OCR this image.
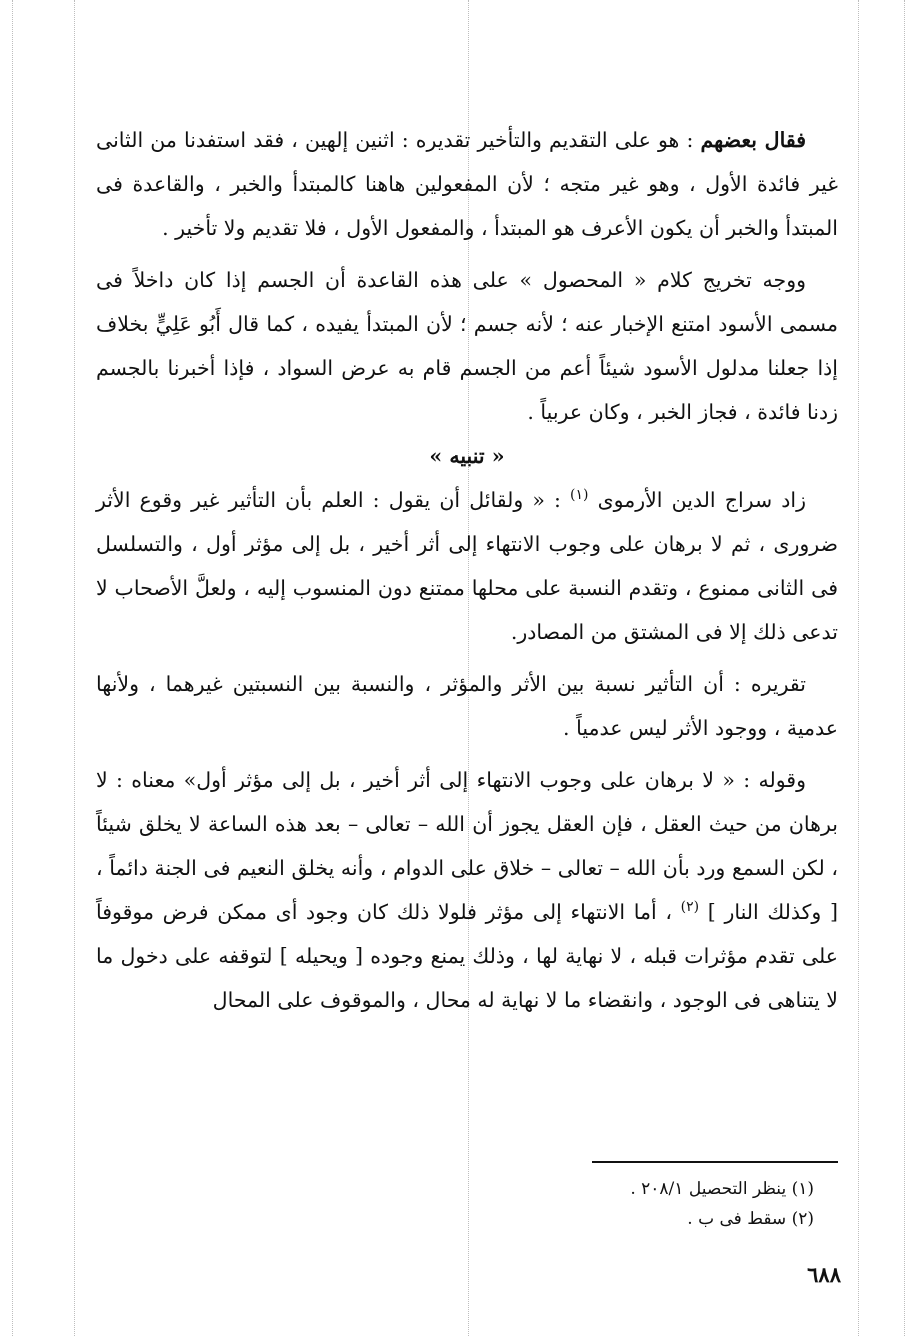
فقال بعضهم : هو على التقديم والتأخير تقديره : اثنين إلهين ، فقد استفدنا من الثانى غير فائدة الأول ، وهو غير متجه ؛ لأن المفعولين هاهنا كالمبتدأ والخبر ، والقاعدة فى المبتدأ والخبر أن يكون الأعرف هو المبتدأ ، والمفعول الأول ، فلا تقديم ولا تأخير .

ووجه تخريج كلام « المحصول » على هذه القاعدة أن الجسم إذا كان داخلاً فى مسمى الأسود امتنع الإخبار عنه ؛ لأنه جسم ؛ لأن المبتدأ يفيده ، كما قال أَبُو عَلِيٍّ بخلاف إذا جعلنا مدلول الأسود شيئاً أعم من الجسم قام به عرض السواد ، فإذا أخبرنا بالجسم زدنا فائدة ، فجاز الخبر ، وكان عربياً .

« تنبيه »

زاد سراج الدين الأرموى $^{(١)}$ : « ولقائل أن يقول : العلم بأن التأثير غير وقوع الأثر ضرورى ، ثم لا برهان على وجوب الانتهاء إلى أثر أخير ، بل إلى مؤثر أول ، والتسلسل فى الثانى ممنوع ، وتقدم النسبة على محلها ممتنع دون المنسوب إليه ، ولعلَّ الأصحاب لا تدعى ذلك إلا فى المشتق من المصادر.

تقريره : أن التأثير نسبة بين الأثر والمؤثر ، والنسبة بين النسبتين غيرهما ، ولأنها عدمية ، ووجود الأثر ليس عدمياً .

وقوله : « لا برهان على وجوب الانتهاء إلى أثر أخير ، بل إلى مؤثر أول» معناه : لا برهان من حيث العقل ، فإن العقل يجوز أن الله – تعالى – بعد هذه الساعة لا يخلق شيئاً ، لكن السمع ورد بأن الله – تعالى – خلاق على الدوام ، وأنه يخلق النعيم فى الجنة دائماً ، [ وكذلك النار ] $^{(٢)}$ ، أما الانتهاء إلى مؤثر فلولا ذلك كان وجود أى ممكن فرض موقوفاً على تقدم مؤثرات قبله ، لا نهاية لها ، وذلك يمنع وجوده [ ويحيله ] لتوقفه على دخول ما لا يتناهى فى الوجود ، وانقضاء ما لا نهاية له محال ، والموقوف على المحال

(١) ينظر التحصيل ٢٠٨/١ .

(٢) سقط فى ب .

٦٨٨
